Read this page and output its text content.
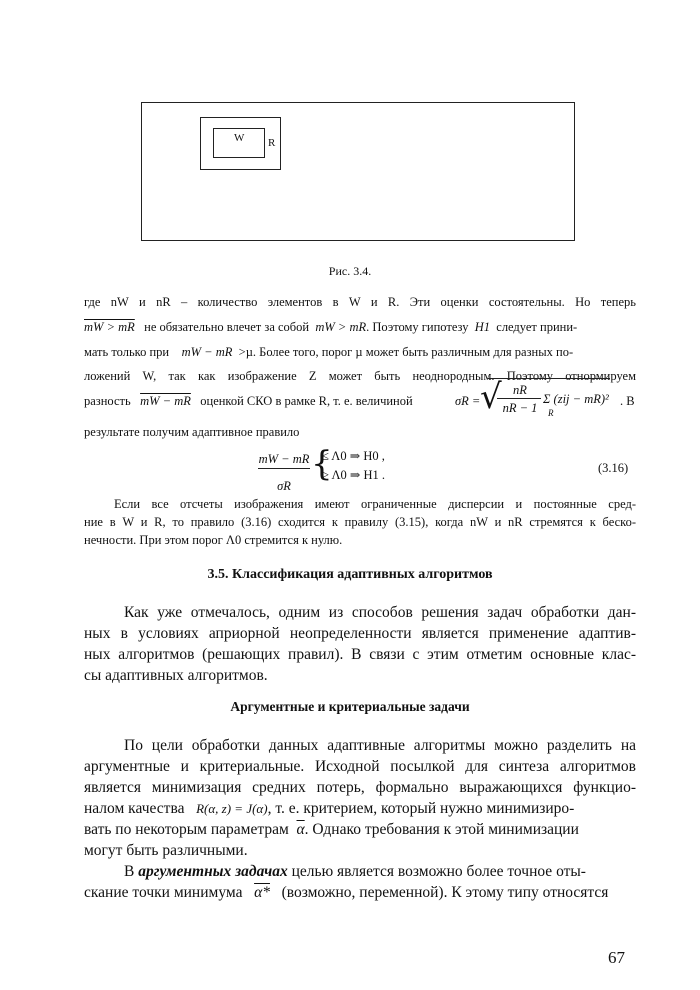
W R
Рис. 3.4.
где nW и nR – количество элементов в W и R. Эти оценки состоятельны. Но теперь
mW > mR не обязательно влечет за собой mW > mR. Поэтому гипотезу H1 следует прини-
мать только при mW − mR >µ. Более того, порог µ может быть различным для разных по-
ложений W, так как изображение Z может быть неоднородным. Поэтому отнормируем
разность mW − mR оценкой СКО в рамке R, т. е. величиной	σR = √ nR
nR − 1
Σ (zij − mR)²
R
. В
результате получим адаптивное правило
mW − mR
σR
{
≤ Λ0 ⇒ H0 ,
> Λ0 ⇒ H1 .	(3.16)
Если все отсчеты изображения имеют ограниченные дисперсии и постоянные сред-
ние в W и R, то правило (3.16) сходится к правилу (3.15), когда nW и nR стремятся к беско-
нечности. При этом порог Λ0 стремится к нулю.
3.5. Классификация адаптивных алгоритмов
Как уже отмечалось, одним из способов решения задач обработки дан-
ных в условиях априорной неопределенности является применение адаптив-
ных алгоритмов (решающих правил). В связи с этим отметим основные клас-
сы адаптивных алгоритмов.
Аргументные и критериальные задачи
По цели обработки данных адаптивные алгоритмы можно разделить на
аргументные и критериальные. Исходной посылкой для синтеза алгоритмов
является минимизация средних потерь, формально выражающихся функцио-
налом качества R(α, z) = J(α), т. е. критерием, который нужно минимизиро-
вать по некоторым параметрам $\overline{\alpha}$. Однако требования к этой минимизации
могут быть различными.
В аргументных задачах целью является возможно более точное оты-
скание точки минимума α* (возможно, переменной). К этому типу относятся
67
